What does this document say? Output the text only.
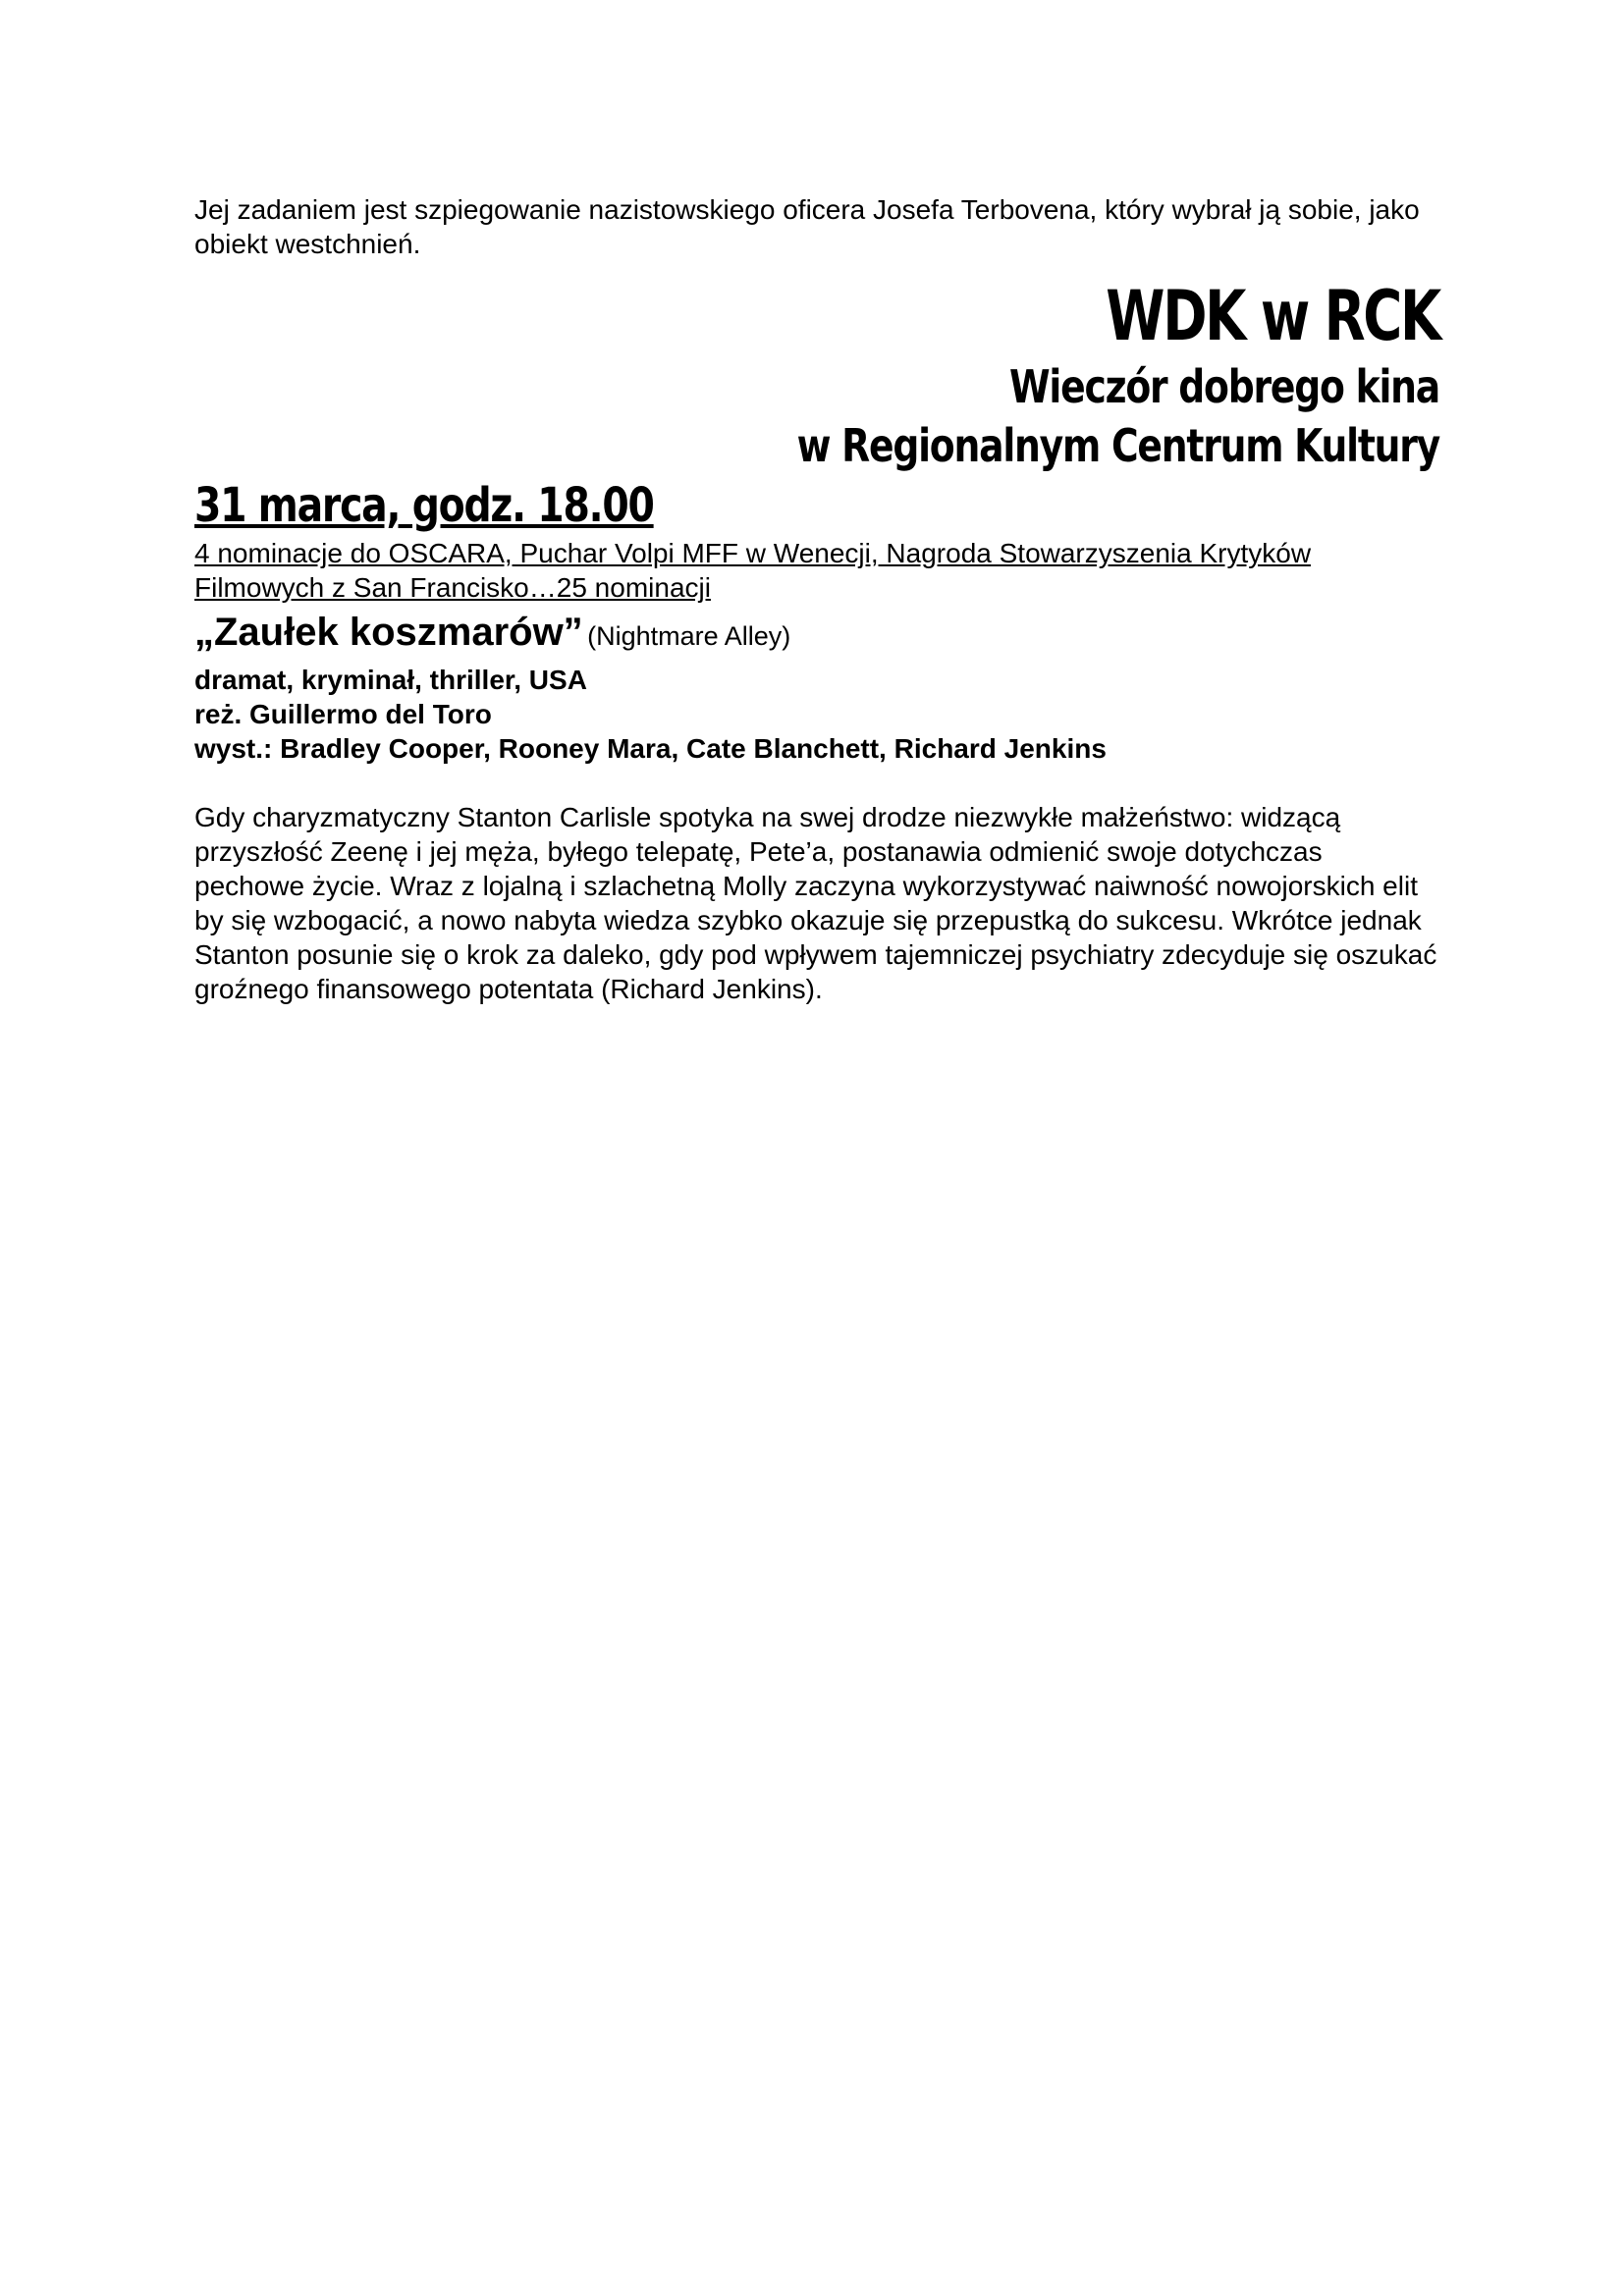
Jej zadaniem jest szpiegowanie nazistowskiego oficera Josefa Terbovena, który wybrał ją sobie, jako obiekt westchnień.

WDK w RCK
Wieczór dobrego kina
w Regionalnym Centrum Kultury
31 marca, godz. 18.00

4 nominacje do OSCARA, Puchar Volpi MFF w Wenecji, Nagroda Stowarzyszenia Krytyków Filmowych z San Francisko…25 nominacji

„Zaułek koszmarów” (Nightmare Alley)

dramat, kryminał, thriller, USA

reż. Guillermo del Toro

wyst.: Bradley Cooper, Rooney Mara, Cate Blanchett, Richard Jenkins

Gdy charyzmatyczny Stanton Carlisle spotyka na swej drodze niezwykłe małżeństwo: widzącą przyszłość Zeenę i jej męża, byłego telepatę, Pete’a, postanawia odmienić swoje dotychczas pechowe życie. Wraz z lojalną i szlachetną Molly zaczyna wykorzystywać naiwność nowojorskich elit by się wzbogacić, a nowo nabyta wiedza szybko okazuje się przepustką do sukcesu. Wkrótce jednak Stanton posunie się o krok za daleko, gdy pod wpływem tajemniczej psychiatry zdecyduje się oszukać groźnego finansowego potentata (Richard Jenkins).
